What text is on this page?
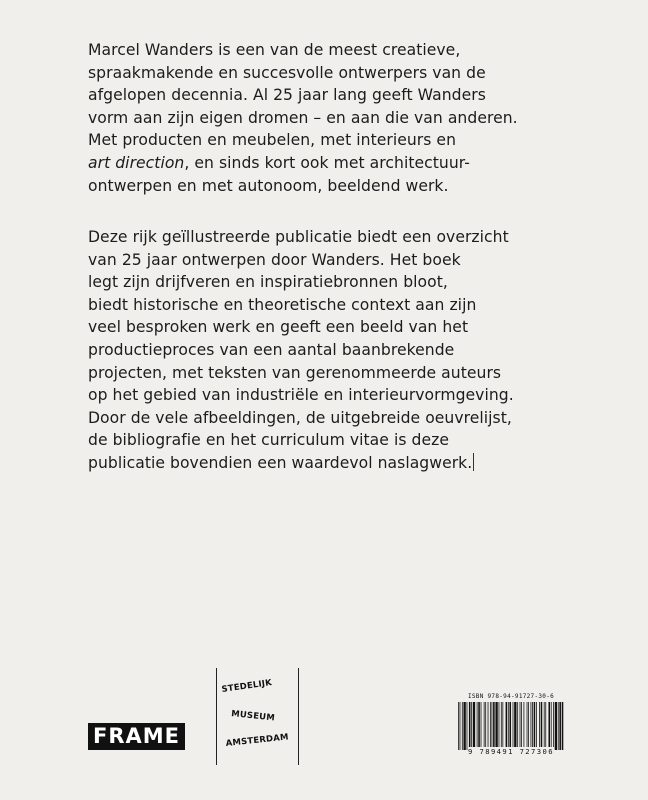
Marcel Wanders is een van de meest creatieve,
spraakmakende en succesvolle ontwerpers van de
afgelopen decennia. Al 25 jaar lang geeft Wanders
vorm aan zijn eigen dromen – en aan die van anderen.
Met producten en meubelen, met interieurs en
art direction, en sinds kort ook met architectuur-
ontwerpen en met autonoom, beeldend werk.
Deze rijk geïllustreerde publicatie biedt een overzicht
van 25 jaar ontwerpen door Wanders. Het boek
legt zijn drijfveren en inspiratiebronnen bloot,
biedt historische en theoretische context aan zijn
veel besproken werk en geeft een beeld van het
productieproces van een aantal baanbrekende
projecten, met teksten van gerenommeerde auteurs
op het gebied van industriële en interieurvormgeving.
Door de vele afbeeldingen, de uitgebreide oeuvrelijst,
de bibliografie en het curriculum vitae is deze
publicatie bovendien een waardevol naslagwerk.
FRAME
STEDELIJK
MUSEUM
AMSTERDAM
ISBN 978-94-91727-30-6
9 789491 727306
